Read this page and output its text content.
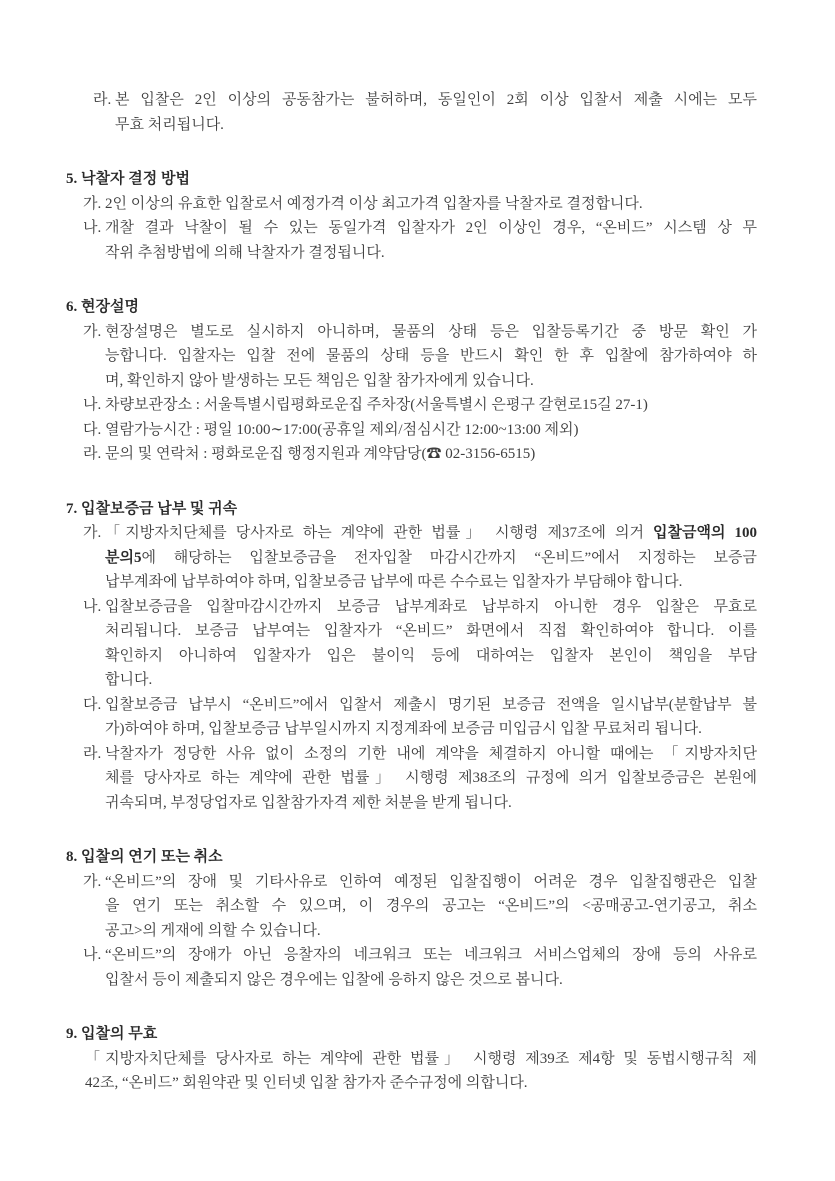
라. 본 입찰은 2인 이상의 공동참가는 불허하며, 동일인이 2회 이상 입찰서 제출 시에는 모두
무효 처리됩니다.
5. 낙찰자 결정 방법
가. 2인 이상의 유효한 입찰로서 예정가격 이상 최고가격 입찰자를 낙찰자로 결정합니다.
나. 개찰 결과 낙찰이 될 수 있는 동일가격 입찰자가 2인 이상인 경우, “온비드” 시스템 상 무
작위 추첨방법에 의해 낙찰자가 결정됩니다.
6. 현장설명
가. 현장설명은 별도로 실시하지 아니하며, 물품의 상태 등은 입찰등록기간 중 방문 확인 가
능합니다. 입찰자는 입찰 전에 물품의 상태 등을 반드시 확인 한 후 입찰에 참가하여야 하
며, 확인하지 않아 발생하는 모든 책임은 입찰 참가자에게 있습니다.
나. 차량보관장소 : 서울특별시립평화로운집 주차장(서울특별시 은평구 갈현로15길 27-1)
다. 열람가능시간 : 평일 10:00∼17:00(공휴일 제외/점심시간 12:00~13:00 제외)
라. 문의 및 연락처 : 평화로운집 행정지원과 계약담당(☎ 02-3156-6515)
7. 입찰보증금 납부 및 귀속
가. 「지방자치단체를 당사자로 하는 계약에 관한 법률」 시행령 제37조에 의거 입찰금액의 100
분의5에 해당하는 입찰보증금을 전자입찰 마감시간까지 “온비드”에서 지정하는 보증금
납부계좌에 납부하여야 하며, 입찰보증금 납부에 따른 수수료는 입찰자가 부담해야 합니다.
나. 입찰보증금을 입찰마감시간까지 보증금 납부계좌로 납부하지 아니한 경우 입찰은 무효로
처리됩니다. 보증금 납부여는 입찰자가 “온비드” 화면에서 직접 확인하여야 합니다. 이를
확인하지 아니하여 입찰자가 입은 불이익 등에 대하여는 입찰자 본인이 책임을 부담
합니다.
다. 입찰보증금 납부시 “온비드”에서 입찰서 제출시 명기된 보증금 전액을 일시납부(분할납부 불
가)하여야 하며, 입찰보증금 납부일시까지 지정계좌에 보증금 미입금시 입찰 무료처리 됩니다.
라. 낙찰자가 정당한 사유 없이 소정의 기한 내에 계약을 체결하지 아니할 때에는 「지방자치단
체를 당사자로 하는 계약에 관한 법률」 시행령 제38조의 규정에 의거 입찰보증금은 본원에
귀속되며, 부정당업자로 입찰참가자격 제한 처분을 받게 됩니다.
8. 입찰의 연기 또는 취소
가. “온비드”의 장애 및 기타사유로 인하여 예정된 입찰집행이 어려운 경우 입찰집행관은 입찰
을 연기 또는 취소할 수 있으며, 이 경우의 공고는 “온비드”의 <공매공고-연기공고, 취소
공고>의 게재에 의할 수 있습니다.
나. “온비드”의 장애가 아닌 응찰자의 네크워크 또는 네크워크 서비스업체의 장애 등의 사유로
입찰서 등이 제출되지 않은 경우에는 입찰에 응하지 않은 것으로 봅니다.
9. 입찰의 무효
「지방자치단체를 당사자로 하는 계약에 관한 법률」 시행령 제39조 제4항 및 동법시행규칙 제
42조, “온비드” 회원약관 및 인터넷 입찰 참가자 준수규정에 의합니다.
